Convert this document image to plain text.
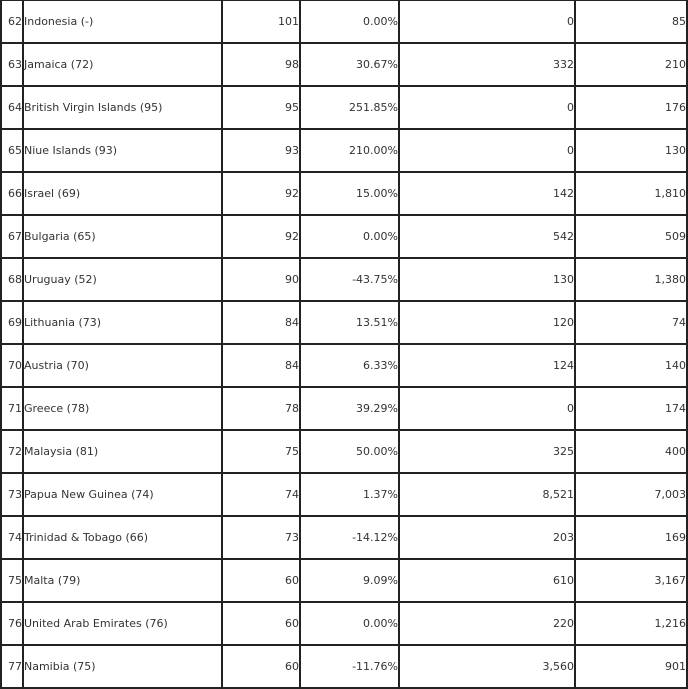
62	Indonesia (-)	101	0.00%	0	85
63	Jamaica (72)	98	30.67%	332	210
64	British Virgin Islands (95)	95	251.85%	0	176
65	Niue Islands (93)	93	210.00%	0	130
66	Israel (69)	92	15.00%	142	1,810
67	Bulgaria (65)	92	0.00%	542	509
68	Uruguay (52)	90	-43.75%	130	1,380
69	Lithuania (73)	84	13.51%	120	74
70	Austria (70)	84	6.33%	124	140
71	Greece (78)	78	39.29%	0	174
72	Malaysia (81)	75	50.00%	325	400
73	Papua New Guinea (74)	74	1.37%	8,521	7,003
74	Trinidad & Tobago (66)	73	-14.12%	203	169
75	Malta (79)	60	9.09%	610	3,167
76	United Arab Emirates (76)	60	0.00%	220	1,216
77	Namibia (75)	60	-11.76%	3,560	901
